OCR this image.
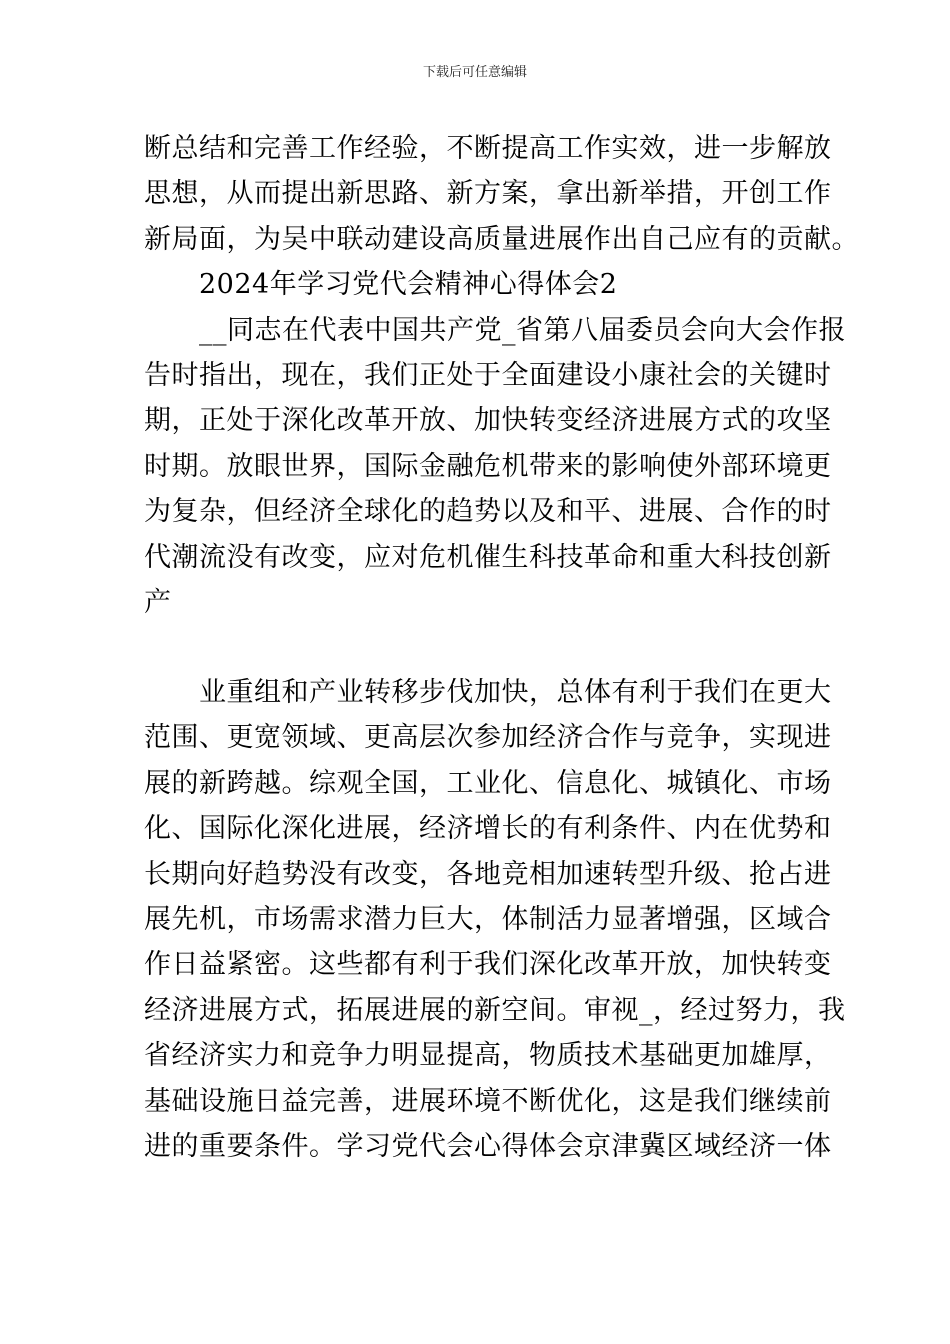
下载后可任意编辑

断总结和完善工作经验，不断提高工作实效，进一步解放

思想，从而提出新思路、新方案，拿出新举措，开创工作

新局面，为吴中联动建设高质量进展作出自己应有的贡献。

　　2024年学习党代会精神心得体会2

　　__同志在代表中国共产党_省第八届委员会向大会作报

告时指出，现在，我们正处于全面建设小康社会的关键时

期，正处于深化改革开放、加快转变经济进展方式的攻坚

时期。放眼世界，国际金融危机带来的影响使外部环境更

为复杂，但经济全球化的趋势以及和平、进展、合作的时

代潮流没有改变，应对危机催生科技革命和重大科技创新

产

　　业重组和产业转移步伐加快，总体有利于我们在更大

范围、更宽领域、更高层次参加经济合作与竞争，实现进

展的新跨越。综观全国，工业化、信息化、城镇化、市场

化、国际化深化进展，经济增长的有利条件、内在优势和

长期向好趋势没有改变，各地竞相加速转型升级、抢占进

展先机，市场需求潜力巨大，体制活力显著增强，区域合

作日益紧密。这些都有利于我们深化改革开放，加快转变

经济进展方式，拓展进展的新空间。审视_，经过努力，我

省经济实力和竞争力明显提高，物质技术基础更加雄厚，

基础设施日益完善，进展环境不断优化，这是我们继续前

进的重要条件。学习党代会心得体会京津冀区域经济一体
